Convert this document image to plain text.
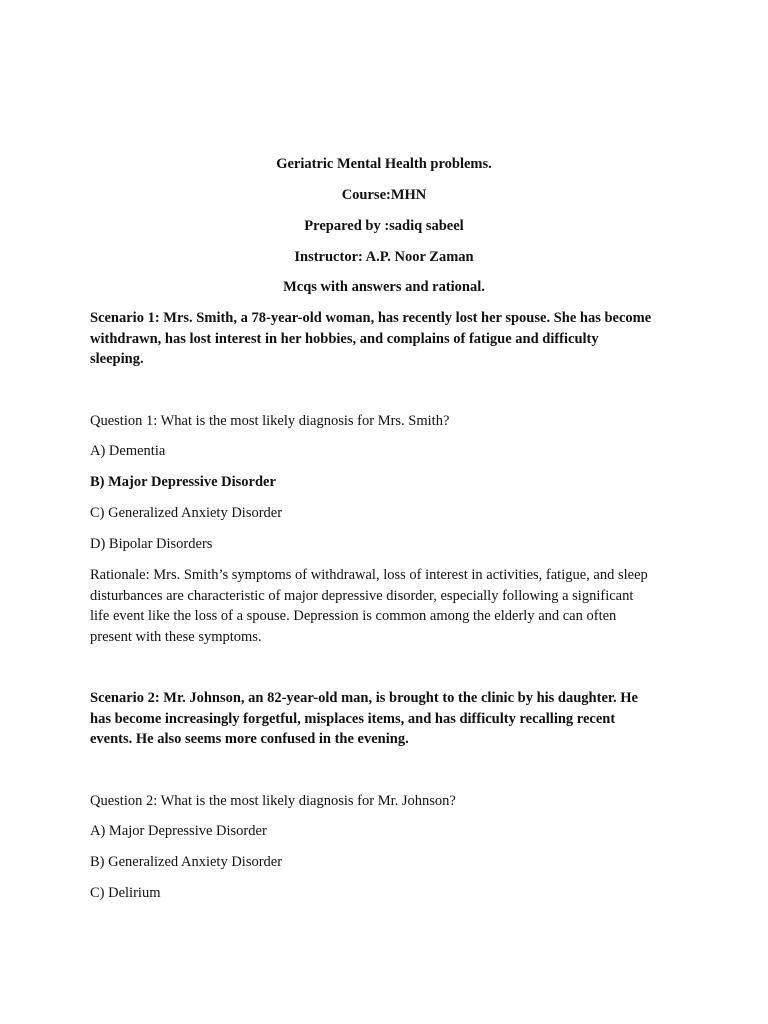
Geriatric Mental Health problems.
Course:MHN
Prepared by :sadiq sabeel
Instructor: A.P. Noor Zaman
Mcqs with answers and rational.
Scenario 1: Mrs. Smith, a 78-year-old woman, has recently lost her spouse. She has become
withdrawn, has lost interest in her hobbies, and complains of fatigue and difficulty
sleeping.
Question 1: What is the most likely diagnosis for Mrs. Smith?
A) Dementia
B) Major Depressive Disorder
C) Generalized Anxiety Disorder
D) Bipolar Disorders
Rationale: Mrs. Smith’s symptoms of withdrawal, loss of interest in activities, fatigue, and sleep
disturbances are characteristic of major depressive disorder, especially following a significant
life event like the loss of a spouse. Depression is common among the elderly and can often
present with these symptoms.
Scenario 2: Mr. Johnson, an 82-year-old man, is brought to the clinic by his daughter. He
has become increasingly forgetful, misplaces items, and has difficulty recalling recent
events. He also seems more confused in the evening.
Question 2: What is the most likely diagnosis for Mr. Johnson?
A) Major Depressive Disorder
B) Generalized Anxiety Disorder
C) Delirium
